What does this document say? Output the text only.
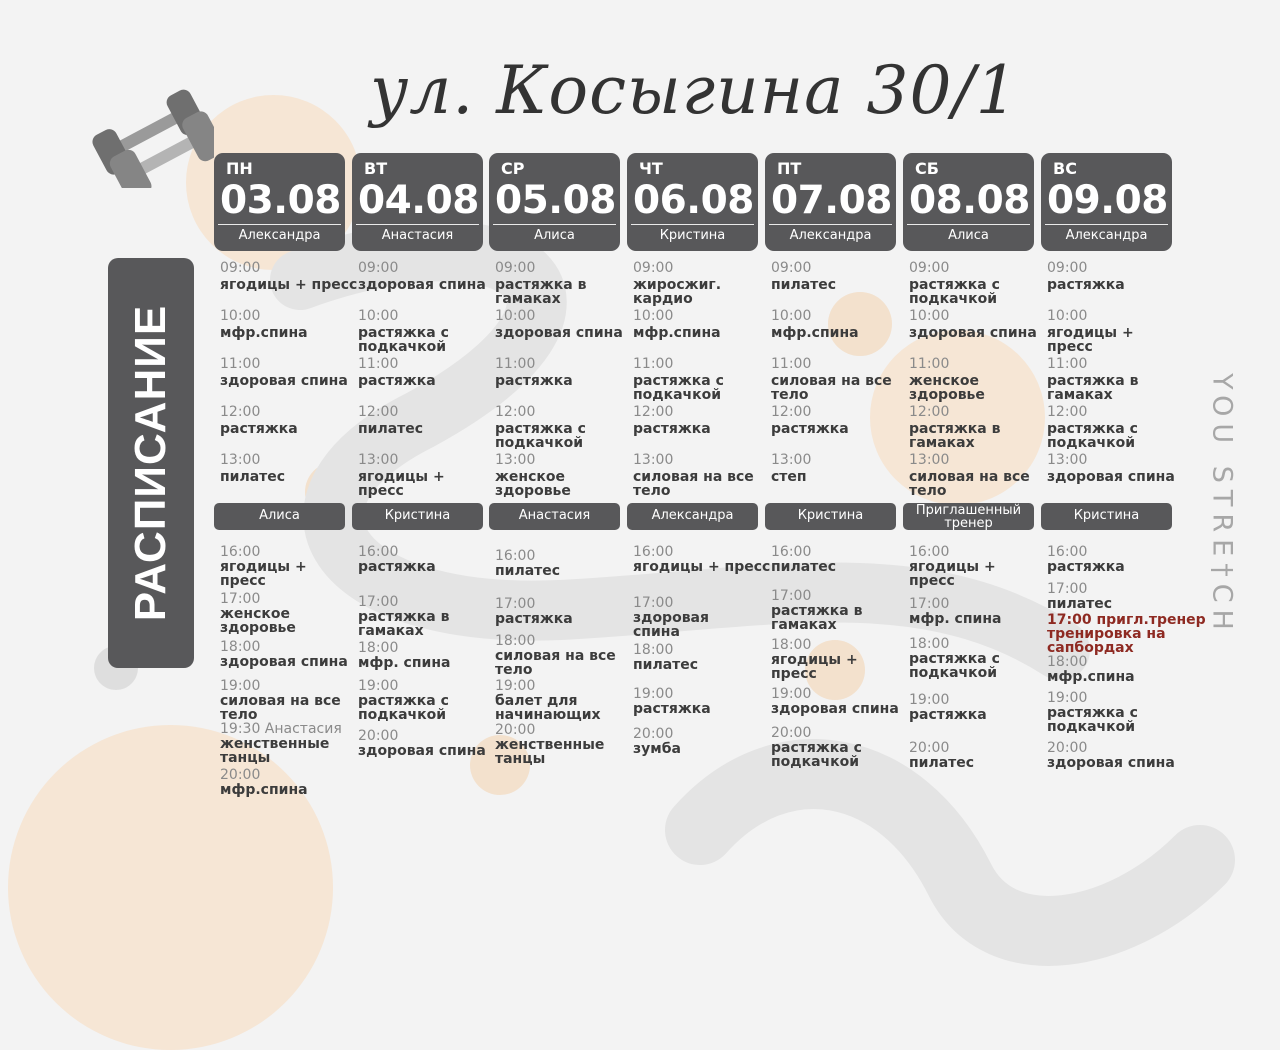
ул. Косыгина 30/1
РАСПИСАНИЕ	YOU STRE†CH
ПН
03.08
Александра
Алиса
09:00
ягодицы + пресс
10:00
мфр.спина
11:00
здоровая спина
12:00
растяжка
13:00
пилатес
16:00
ягодицы +
пресс
17:00
женское
здоровье
18:00
здоровая спина
19:00
силовая на все
тело
19:30 Анастасия
женственные
танцы
20:00
мфр.спина
ВТ
04.08
Анастасия
Кристина
09:00
здоровая спина
10:00
растяжка с
подкачкой
11:00
растяжка
12:00
пилатес
13:00
ягодицы +
пресс
16:00
растяжка
17:00
растяжка в
гамаках
18:00
мфр. спина
19:00
растяжка с
подкачкой
20:00
здоровая спина
СР
05.08
Алиса
Анастасия
09:00
растяжка в
гамаках
10:00
здоровая спина
11:00
растяжка
12:00
растяжка с
подкачкой
13:00
женское
здоровье
16:00
пилатес
17:00
растяжка
18:00
силовая на все
тело
19:00
балет для
начинающих
20:00
женственные
танцы
ЧТ
06.08
Кристина
Александра
09:00
жиросжиг.
кардио
10:00
мфр.спина
11:00
растяжка с
подкачкой
12:00
растяжка
13:00
силовая на все
тело
16:00
ягодицы + пресс
17:00
здоровая
спина
18:00
пилатес
19:00
растяжка
20:00
зумба
ПТ
07.08
Александра
Кристина
09:00
пилатес
10:00
мфр.спина
11:00
силовая на все
тело
12:00
растяжка
13:00
степ
16:00
пилатес
17:00
растяжка в
гамаках
18:00
ягодицы +
пресс
19:00
здоровая спина
20:00
растяжка с
подкачкой
СБ
08.08
Алиса
Приглашенный
тренер
09:00
растяжка с
подкачкой
10:00
здоровая спина
11:00
женское
здоровье
12:00
растяжка в
гамаках
13:00
силовая на все
тело
16:00
ягодицы +
пресс
17:00
мфр. спина
18:00
растяжка с
подкачкой
19:00
растяжка
20:00
пилатес
ВС
09.08
Александра
Кристина
09:00
растяжка
10:00
ягодицы +
пресс
11:00
растяжка в
гамаках
12:00
растяжка с
подкачкой
13:00
здоровая спина
16:00
растяжка
17:00
пилатес
17:00 пригл.тренер
тренировка на
сапбордах
18:00
мфр.спина
19:00
растяжка с
подкачкой
20:00
здоровая спина
